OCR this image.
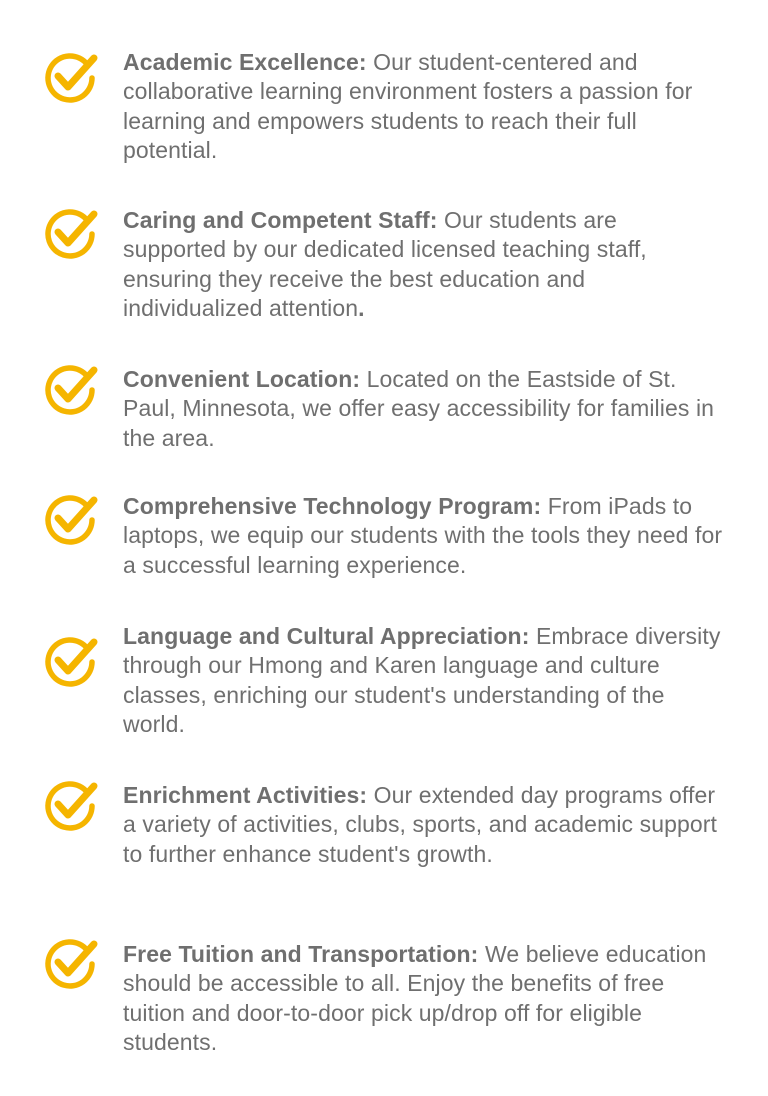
Academic Excellence: Our student-centered and collaborative learning environment fosters a passion for learning and empowers students to reach their full potential.
Caring and Competent Staff: Our students are supported by our dedicated licensed teaching staff, ensuring they receive the best education and individualized attention.
Convenient Location: Located on the Eastside of St. Paul, Minnesota, we offer easy accessibility for families in the area.
Comprehensive Technology Program: From iPads to laptops, we equip our students with the tools they need for a successful learning experience.
Language and Cultural Appreciation: Embrace diversity through our Hmong and Karen language and culture classes, enriching our student's understanding of the world.
Enrichment Activities: Our extended day programs offer a variety of activities, clubs, sports, and academic support to further enhance student's growth.
Free Tuition and Transportation: We believe education should be accessible to all. Enjoy the benefits of free tuition and door-to-door pick up/drop off for eligible students.
